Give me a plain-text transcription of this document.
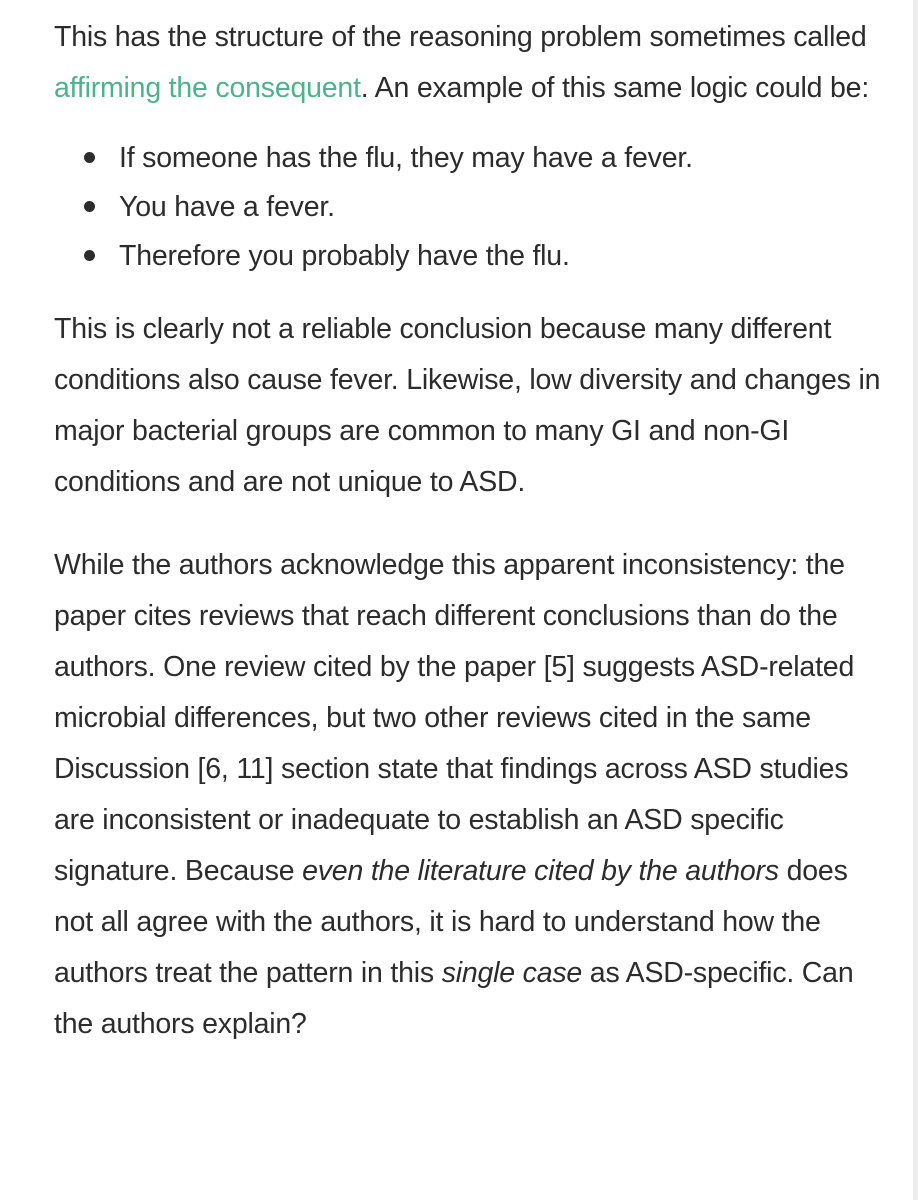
This has the structure of the reasoning problem sometimes called affirming the consequent. An example of this same logic could be:

If someone has the flu, they may have a fever.
You have a fever.
Therefore you probably have the flu.

This is clearly not a reliable conclusion because many different conditions also cause fever. Likewise, low diversity and changes in major bacterial groups are common to many GI and non-GI conditions and are not unique to ASD.

While the authors acknowledge this apparent inconsistency: the paper cites reviews that reach different conclusions than do the authors. One review cited by the paper [5] suggests ASD-related microbial differences, but two other reviews cited in the same Discussion [6, 11] section state that findings across ASD studies are inconsistent or inadequate to establish an ASD specific signature. Because even the literature cited by the authors does not all agree with the authors, it is hard to understand how the authors treat the pattern in this single case as ASD-specific. Can the authors explain?
